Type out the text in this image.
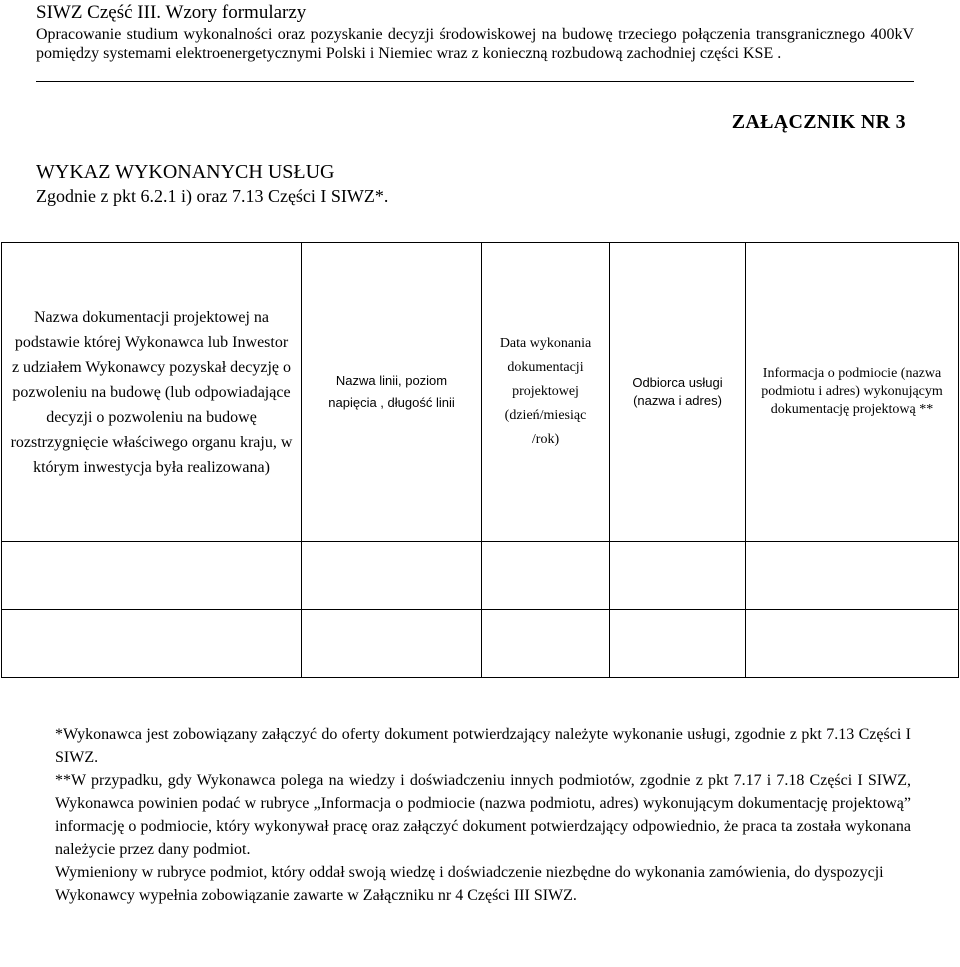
SIWZ Część III. Wzory formularzy
Opracowanie studium wykonalności oraz pozyskanie decyzji środowiskowej na budowę trzeciego połączenia transgranicznego 400kV pomiędzy systemami elektroenergetycznymi Polski i Niemiec wraz z konieczną rozbudową zachodniej części KSE .
ZAŁĄCZNIK NR 3
WYKAZ WYKONANYCH USŁUG
Zgodnie z pkt 6.2.1 i) oraz 7.13 Części I SIWZ*.
Nazwa dokumentacji projektowej na podstawie której Wykonawca lub Inwestor z udziałem Wykonawcy pozyskał decyzję o pozwoleniu na budowę (lub odpowiadające decyzji o pozwoleniu na budowę rozstrzygnięcie właściwego organu kraju, w którym inwestycja była realizowana)	Nazwa linii, poziom napięcia , długość linii	Data wykonania dokumentacji projektowej (dzień/miesiąc /rok)	Odbiorca usługi (nazwa i adres)	Informacja o podmiocie (nazwa podmiotu i adres) wykonującym dokumentację projektową **

*Wykonawca jest zobowiązany załączyć do oferty dokument potwierdzający należyte wykonanie usługi, zgodnie z pkt 7.13 Części I SIWZ.

**W przypadku, gdy Wykonawca polega na wiedzy i doświadczeniu innych podmiotów, zgodnie z pkt 7.17 i 7.18 Części I SIWZ, Wykonawca powinien podać w rubryce „Informacja o podmiocie (nazwa podmiotu, adres) wykonującym dokumentację projektową” informację o podmiocie, który wykonywał pracę oraz załączyć dokument potwierdzający odpowiednio, że praca ta została wykonana należycie przez dany podmiot.

Wymieniony w rubryce podmiot, który oddał swoją wiedzę i doświadczenie niezbędne do wykonania zamówienia, do dyspozycji Wykonawcy wypełnia zobowiązanie zawarte w Załączniku nr 4 Części III SIWZ.
